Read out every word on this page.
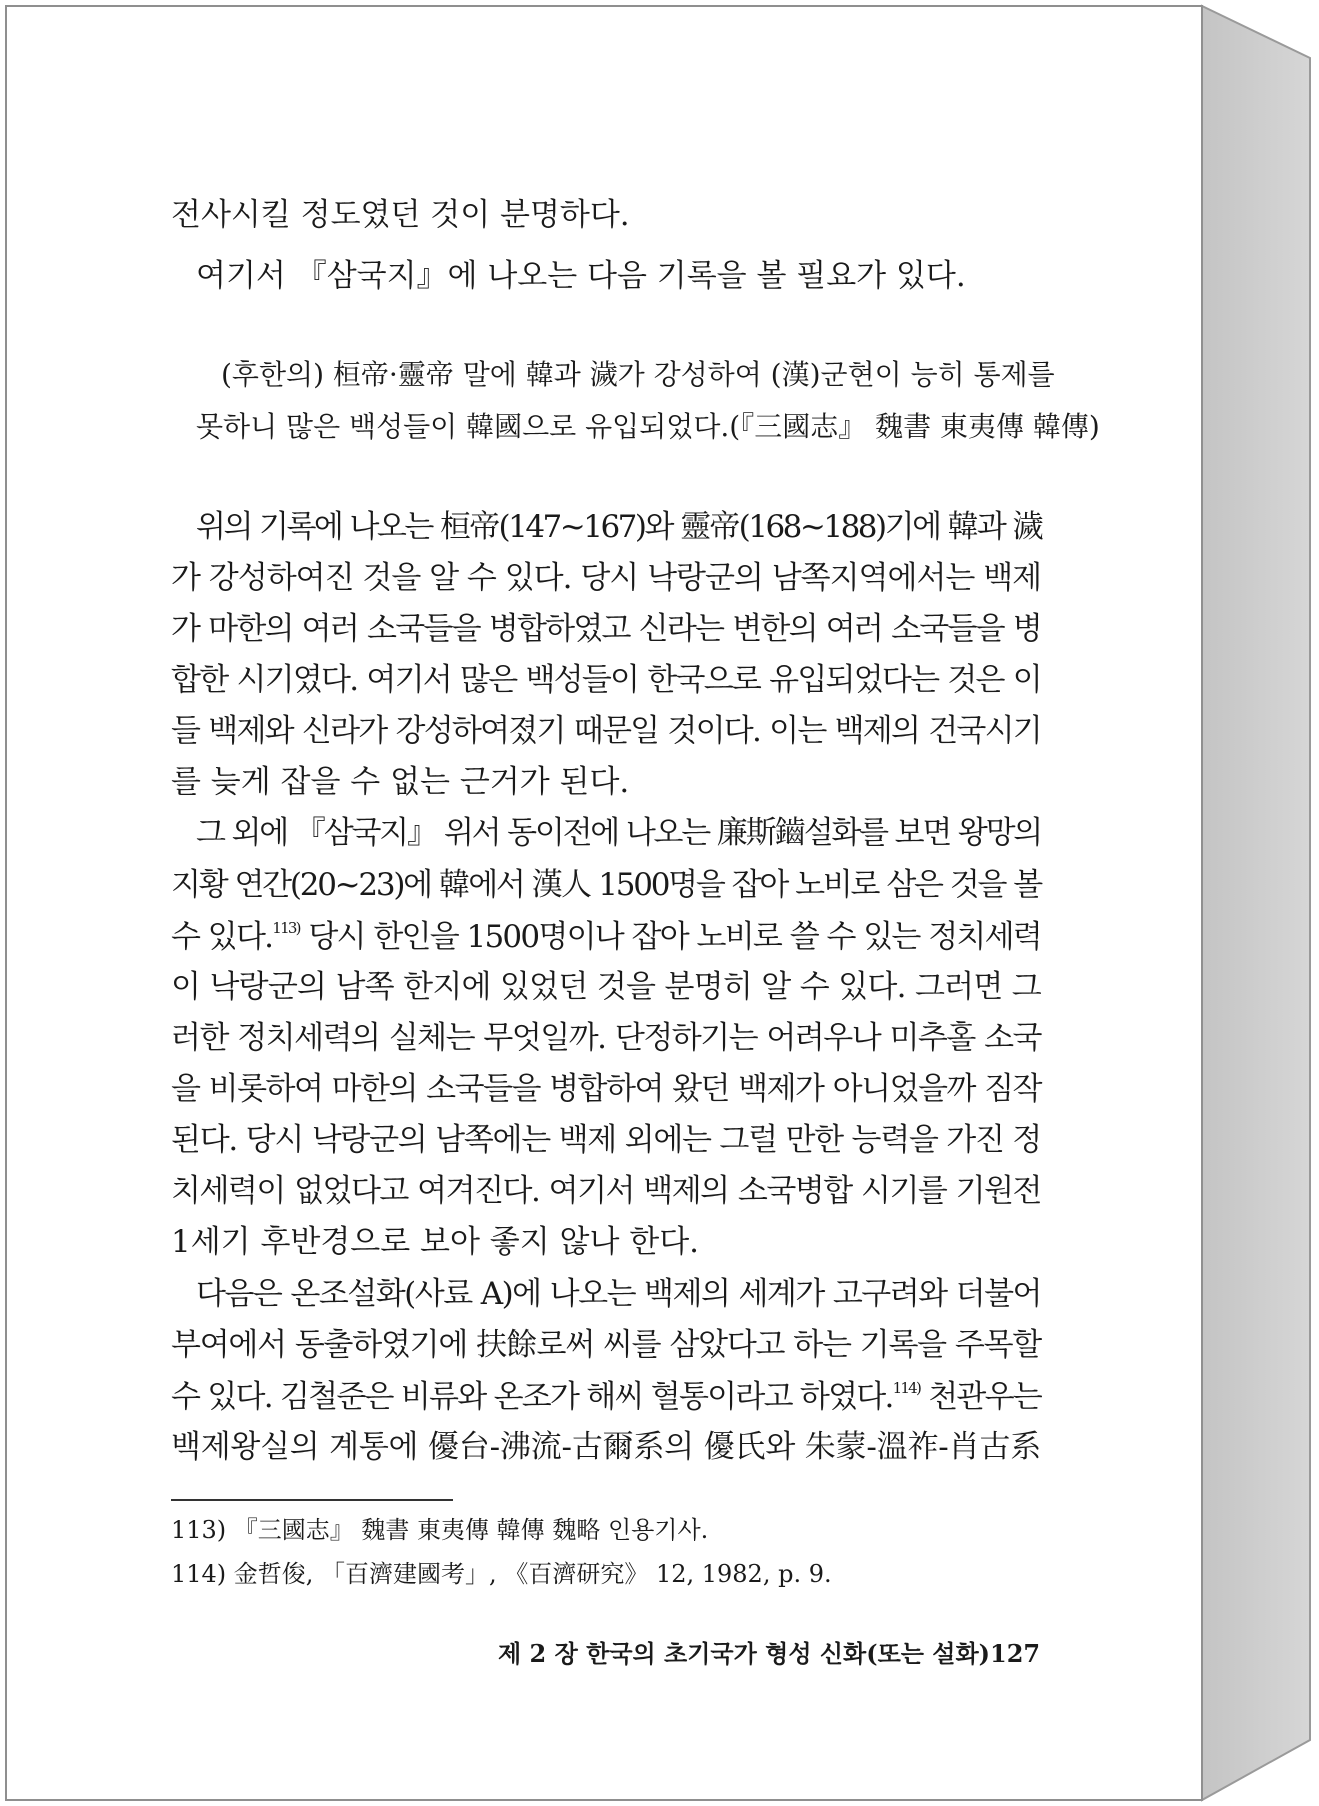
전사시킬 정도였던 것이 분명하다.
여기서 『삼국지』에 나오는 다음 기록을 볼 필요가 있다.
(후한의) 桓帝·靈帝 말에 韓과 濊가 강성하여 (漢)군현이 능히 통제를
못하니 많은 백성들이 韓國으로 유입되었다.(『三國志』 魏書 東夷傳 韓傳)
위의 기록에 나오는 桓帝(147~167)와 靈帝(168~188)기에 韓과 濊
가 강성하여진 것을 알 수 있다. 당시 낙랑군의 남쪽지역에서는 백제
가 마한의 여러 소국들을 병합하였고 신라는 변한의 여러 소국들을 병
합한 시기였다. 여기서 많은 백성들이 한국으로 유입되었다는 것은 이
들 백제와 신라가 강성하여졌기 때문일 것이다. 이는 백제의 건국시기
를 늦게 잡을 수 없는 근거가 된다.
그 외에 『삼국지』 위서 동이전에 나오는 廉斯鑡설화를 보면 왕망의
지황 연간(20~23)에 韓에서 漢人 1500명을 잡아 노비로 삼은 것을 볼
수 있다.$^{113)}$ 당시 한인을 1500명이나 잡아 노비로 쓸 수 있는 정치세력
이 낙랑군의 남쪽 한지에 있었던 것을 분명히 알 수 있다. 그러면 그
러한 정치세력의 실체는 무엇일까. 단정하기는 어려우나 미추홀 소국
을 비롯하여 마한의 소국들을 병합하여 왔던 백제가 아니었을까 짐작
된다. 당시 낙랑군의 남쪽에는 백제 외에는 그럴 만한 능력을 가진 정
치세력이 없었다고 여겨진다. 여기서 백제의 소국병합 시기를 기원전
1세기 후반경으로 보아 좋지 않나 한다.
다음은 온조설화(사료 A)에 나오는 백제의 세계가 고구려와 더불어
부여에서 동출하였기에 扶餘로써 씨를 삼았다고 하는 기록을 주목할
수 있다. 김철준은 비류와 온조가 해씨 혈통이라고 하였다.$^{114)}$ 천관우는
백제왕실의 계통에 優台-沸流-古爾系의 優氏와 朱蒙-溫祚-肖古系
113) 『三國志』 魏書 東夷傳 韓傳 魏略 인용기사.
114) 金哲俊, 「百濟建國考」, 《百濟研究》 12, 1982, p. 9.
제 2 장 한국의 초기국가 형성 신화(또는 설화) 127
